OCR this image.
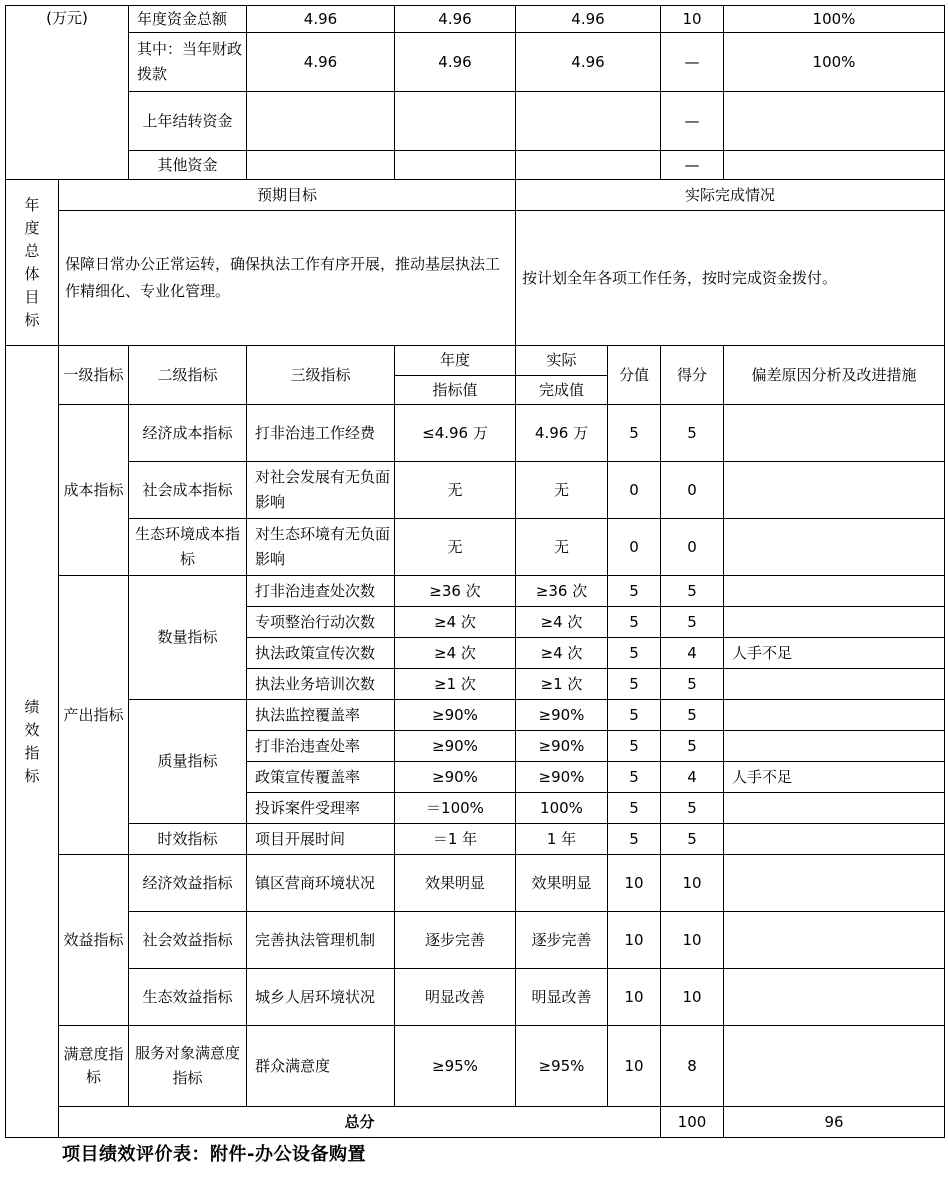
(万元)		年度资金总额	4.96	4.96	4.96		10	100%	
		其中：当年财政拨款	4.96	4.96	4.96		—	100%	
		上年结转资金					—		
		其他资金					—		
年度总体目标	预期目标				实际完成情况				
	保障日常办公正常运转，确保执法工作有序开展，推动基层执法工作精细化、专业化管理。				按计划全年各项工作任务，按时完成资金拨付。				
绩效指标	一级指标	二级指标	三级指标	年度	实际	分值	得分	偏差原因分析及改进措施	
				指标值	完成值				
	成本指标	经济成本指标	打非治违工作经费	≤4.96 万	4.96 万	5	5		
		社会成本指标	对社会发展有无负面影响	无	无	0	0		
		生态环境成本指标	对生态环境有无负面影响	无	无	0	0		
	产出指标	数量指标	打非治违查处次数	≥36 次	≥36 次	5	5		
			专项整治行动次数	≥4 次	≥4 次	5	5		
			执法政策宣传次数	≥4 次	≥4 次	5	4	人手不足	
			执法业务培训次数	≥1 次	≥1 次	5	5		
		质量指标	执法监控覆盖率	≥90%	≥90%	5	5		
			打非治违查处率	≥90%	≥90%	5	5		
			政策宣传覆盖率	≥90%	≥90%	5	4	人手不足	
			投诉案件受理率	＝100%	100%	5	5		
		时效指标	项目开展时间	＝1 年	1 年	5	5		
	效益指标	经济效益指标	镇区营商环境状况	效果明显	效果明显	10	10		
		社会效益指标	完善执法管理机制	逐步完善	逐步完善	10	10		
		生态效益指标	城乡人居环境状况	明显改善	明显改善	10	10		
	满意度指标	服务对象满意度指标	群众满意度	≥95%	≥95%	10	8		
	总分						100	96	
项目绩效评价表：附件-办公设备购置
